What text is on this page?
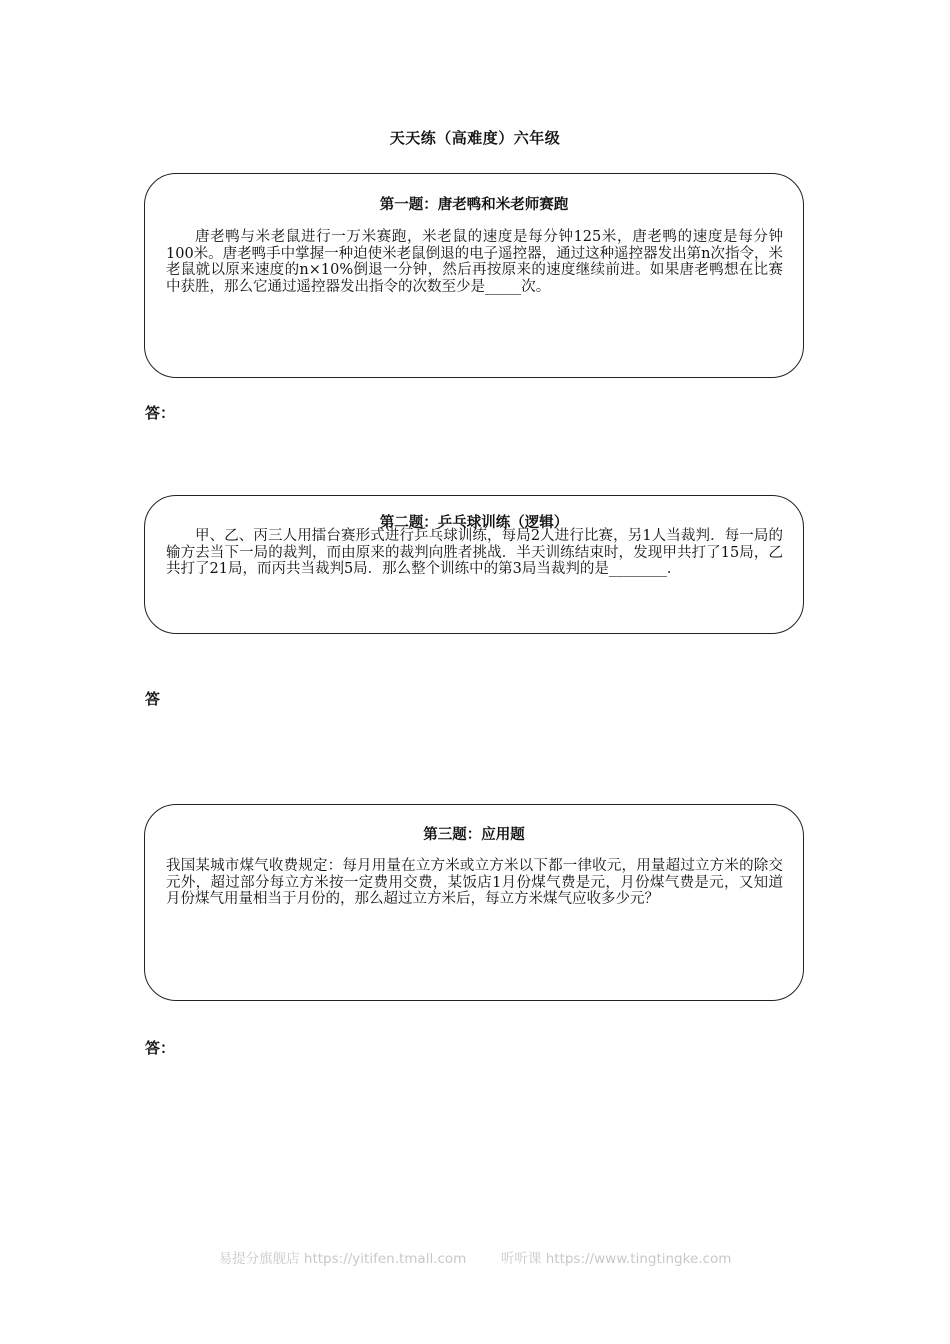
天天练（高难度）六年级
第一题：唐老鸭和米老师赛跑
唐老鸭与米老鼠进行一万米赛跑，米老鼠的速度是每分钟125米，唐老鸭的速度是每分钟100米。唐老鸭手中掌握一种迫使米老鼠倒退的电子遥控器，通过这种遥控器发出第n次指令，米老鼠就以原来速度的n×10%倒退一分钟，然后再按原来的速度继续前进。如果唐老鸭想在比赛中获胜，那么它通过遥控器发出指令的次数至少是_____次。
答：
第二题：乒乓球训练（逻辑）
甲、乙、丙三人用擂台赛形式进行乒乓球训练，每局2人进行比赛，另1人当裁判．每一局的输方去当下一局的裁判，而由原来的裁判向胜者挑战．半天训练结束时，发现甲共打了15局，乙共打了21局，而丙共当裁判5局．那么整个训练中的第3局当裁判的是________．
答
第三题：应用题
我国某城市煤气收费规定：每月用量在立方米或立方米以下都一律收元，用量超过立方米的除交元外，超过部分每立方米按一定费用交费，某饭店1月份煤气费是元，月份煤气费是元，又知道月份煤气用量相当于月份的，那么超过立方米后，每立方米煤气应收多少元？
答：
易提分旗舰店 https://yitifen.tmall.com	听听课 https://www.tingtingke.com
